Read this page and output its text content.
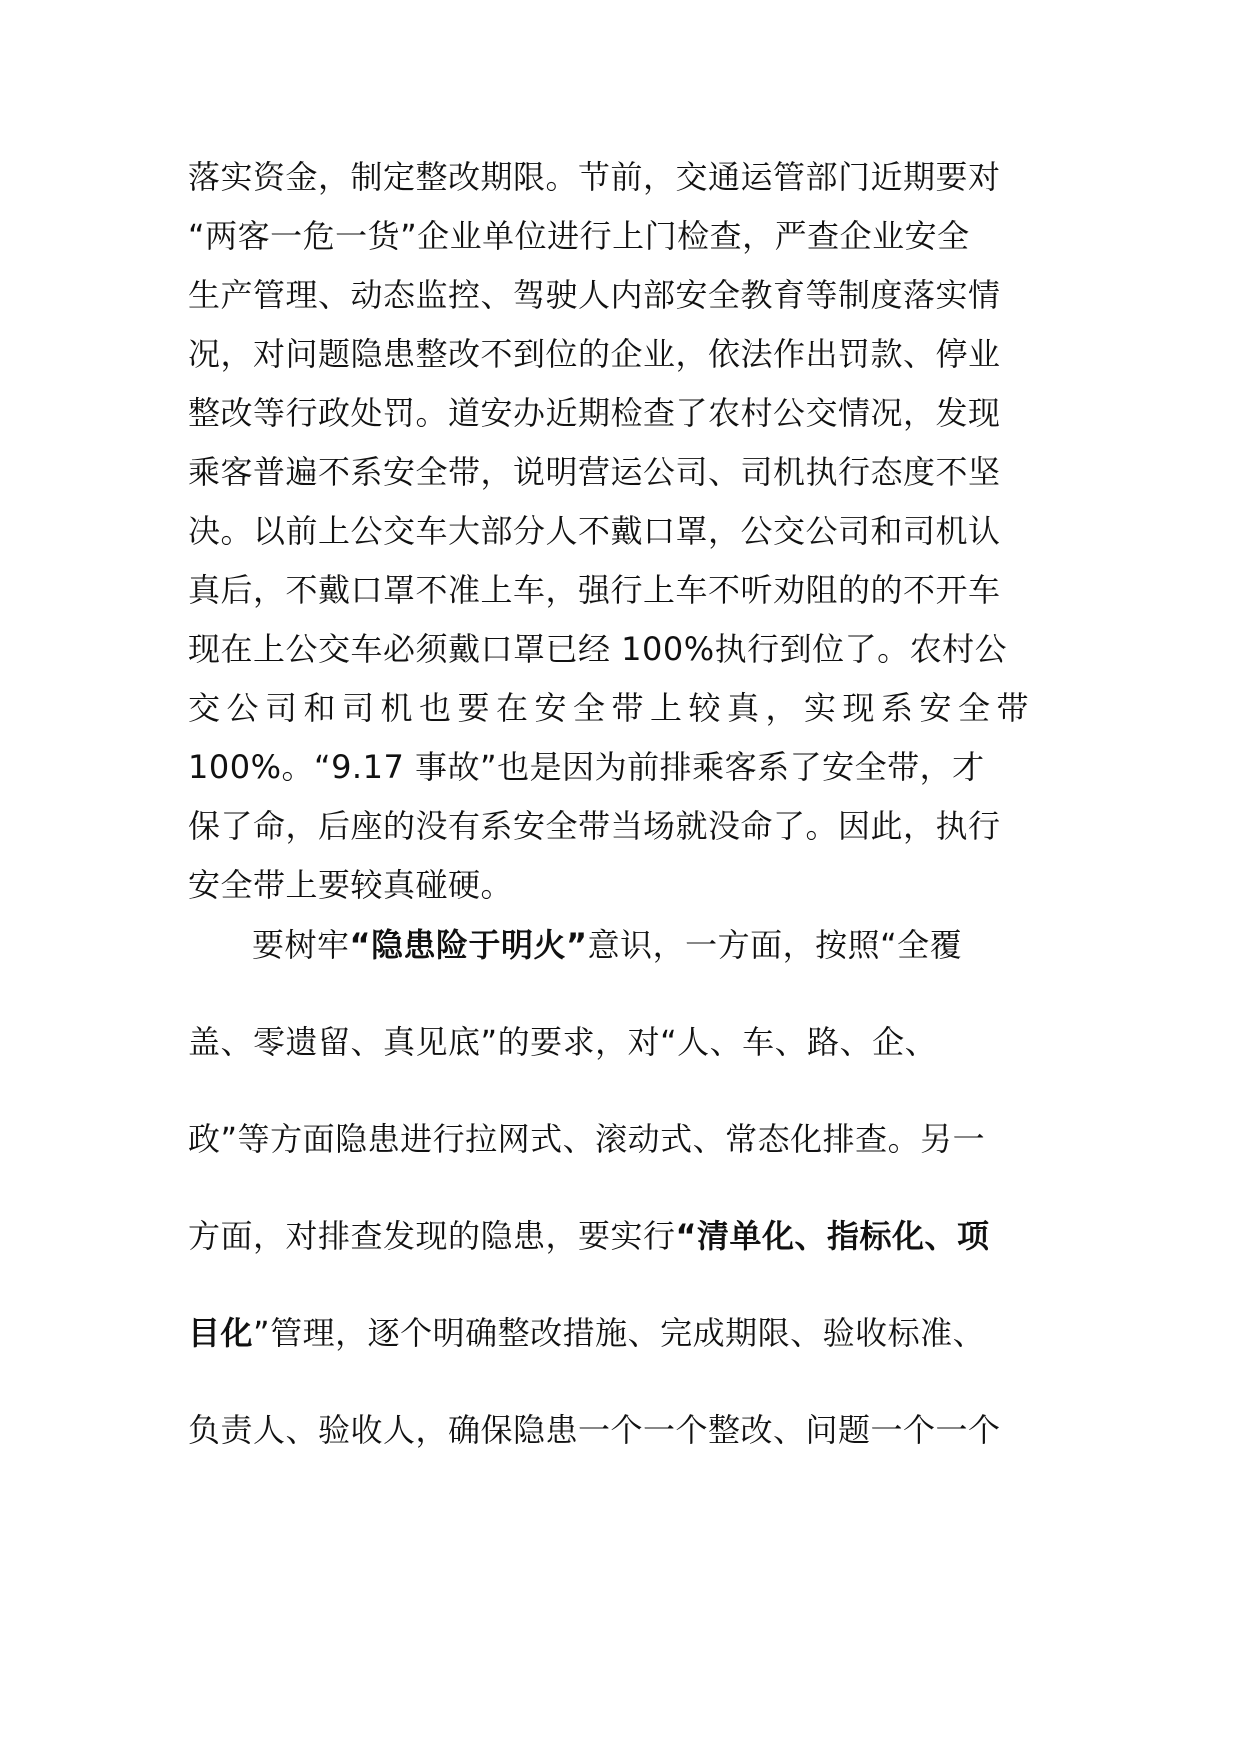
落实资金，制定整改期限。节前，交通运管部门近期要对
“两客一危一货”企业单位进行上门检查，严查企业安全
生产管理、动态监控、驾驶人内部安全教育等制度落实情
况，对问题隐患整改不到位的企业，依法作出罚款、停业
整改等行政处罚。道安办近期检查了农村公交情况，发现
乘客普遍不系安全带，说明营运公司、司机执行态度不坚
决。以前上公交车大部分人不戴口罩，公交公司和司机认
真后，不戴口罩不准上车，强行上车不听劝阻的的不开车
现在上公交车必须戴口罩已经 100%执行到位了。农村公
交公司和司机也要在安全带上较真，实现系安全带
100%。“9.17 事故”也是因为前排乘客系了安全带，才
保了命，后座的没有系安全带当场就没命了。因此，执行
安全带上要较真碰硬。
要树牢“隐患险于明火”意识，一方面，按照“全覆
盖、零遗留、真见底”的要求，对“人、车、路、企、
政”等方面隐患进行拉网式、滚动式、常态化排查。另一
方面，对排查发现的隐患，要实行“清单化、指标化、项
目化”管理，逐个明确整改措施、完成期限、验收标准、
负责人、验收人，确保隐患一个一个整改、问题一个一个
